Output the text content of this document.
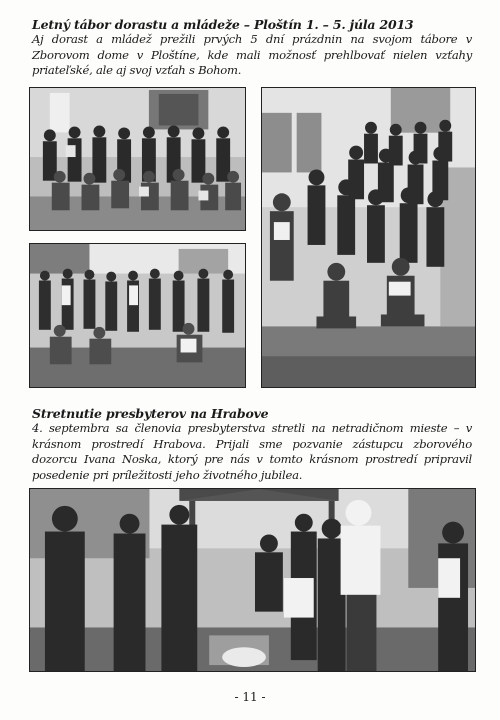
Letný tábor dorastu a mládeže – Ploštín 1. – 5. júla 2013
Aj dorast a mládež prežili prvých 5 dní prázdnin na svojom tábore v Zborovom dome v Ploštíne, kde mali možnosť prehlbovať nielen vzťahy priateľské, ale aj svoj vzťah s Bohom.
Stretnutie presbyterov na Hrabove
4. septembra sa členovia presbyterstva stretli na netradičnom mieste – v krásnom prostredí Hrabova. Prijali sme pozvanie zástupcu zborového dozorcu Ivana Noska, ktorý pre nás v tomto krásnom prostredí pripravil posedenie pri príležitosti jeho životného jubilea.
- 11 -
